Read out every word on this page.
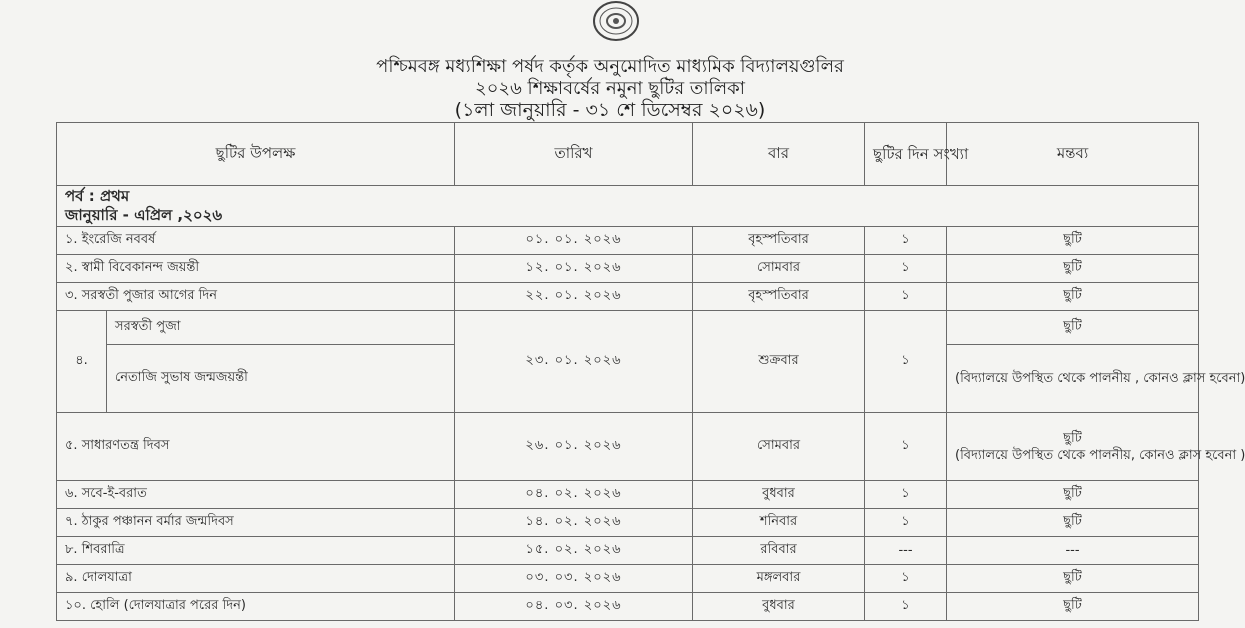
পশ্চিমবঙ্গ মধ্যশিক্ষা পর্ষদ কর্তৃক অনুমোদিত মাধ্যমিক বিদ্যালয়গুলির
২০২৬ শিক্ষাবর্ষের নমুনা ছুটির তালিকা
(১লা জানুয়ারি - ৩১ শে ডিসেম্বর ২০২৬)
ছুটির উপলক্ষ		তারিখ	বার	ছুটির দিন সংখ্যা	মন্তব্য

পর্ব : প্রথম
জানুয়ারি - এপ্রিল ,২০২৬					

১. ইংরেজি নববর্ষ		০১. ০১. ২০২৬	বৃহস্পতিবার	১	ছুটি
২. স্বামী বিবেকানন্দ জয়ন্তী		১২. ০১. ২০২৬	সোমবার	১	ছুটি
৩. সরস্বতী পুজার আগের দিন		২২. ০১. ২০২৬	বৃহস্পতিবার	১	ছুটি
৪.	সরস্বতী পুজা	২৩. ০১. ২০২৬	শুক্রবার	১	ছুটি
	নেতাজি সুভাষ জন্মজয়ন্তী				(বিদ্যালয়ে উপস্থিত থেকে পালনীয় , কোনও ক্লাস হবেনা)
৫. সাধারণতন্ত্র দিবস		২৬. ০১. ২০২৬	সোমবার	১	ছুটি
(বিদ্যালয়ে উপস্থিত থেকে পালনীয়, কোনও ক্লাস হবেনা )

৬. সবে-ই-বরাত		০৪. ০২. ২০২৬	বুধবার	১	ছুটি
৭. ঠাকুর পঞ্চানন বর্মার জন্মদিবস		১৪. ০২. ২০২৬	শনিবার	১	ছুটি
৮. শিবরাত্রি		১৫. ০২. ২০২৬	রবিবার	---	---
৯. দোলযাত্রা		০৩. ০৩. ২০২৬	মঙ্গলবার	১	ছুটি
১০. হোলি (দোলযাত্রার পরের দিন)		০৪. ০৩. ২০২৬	বুধবার	১	ছুটি
